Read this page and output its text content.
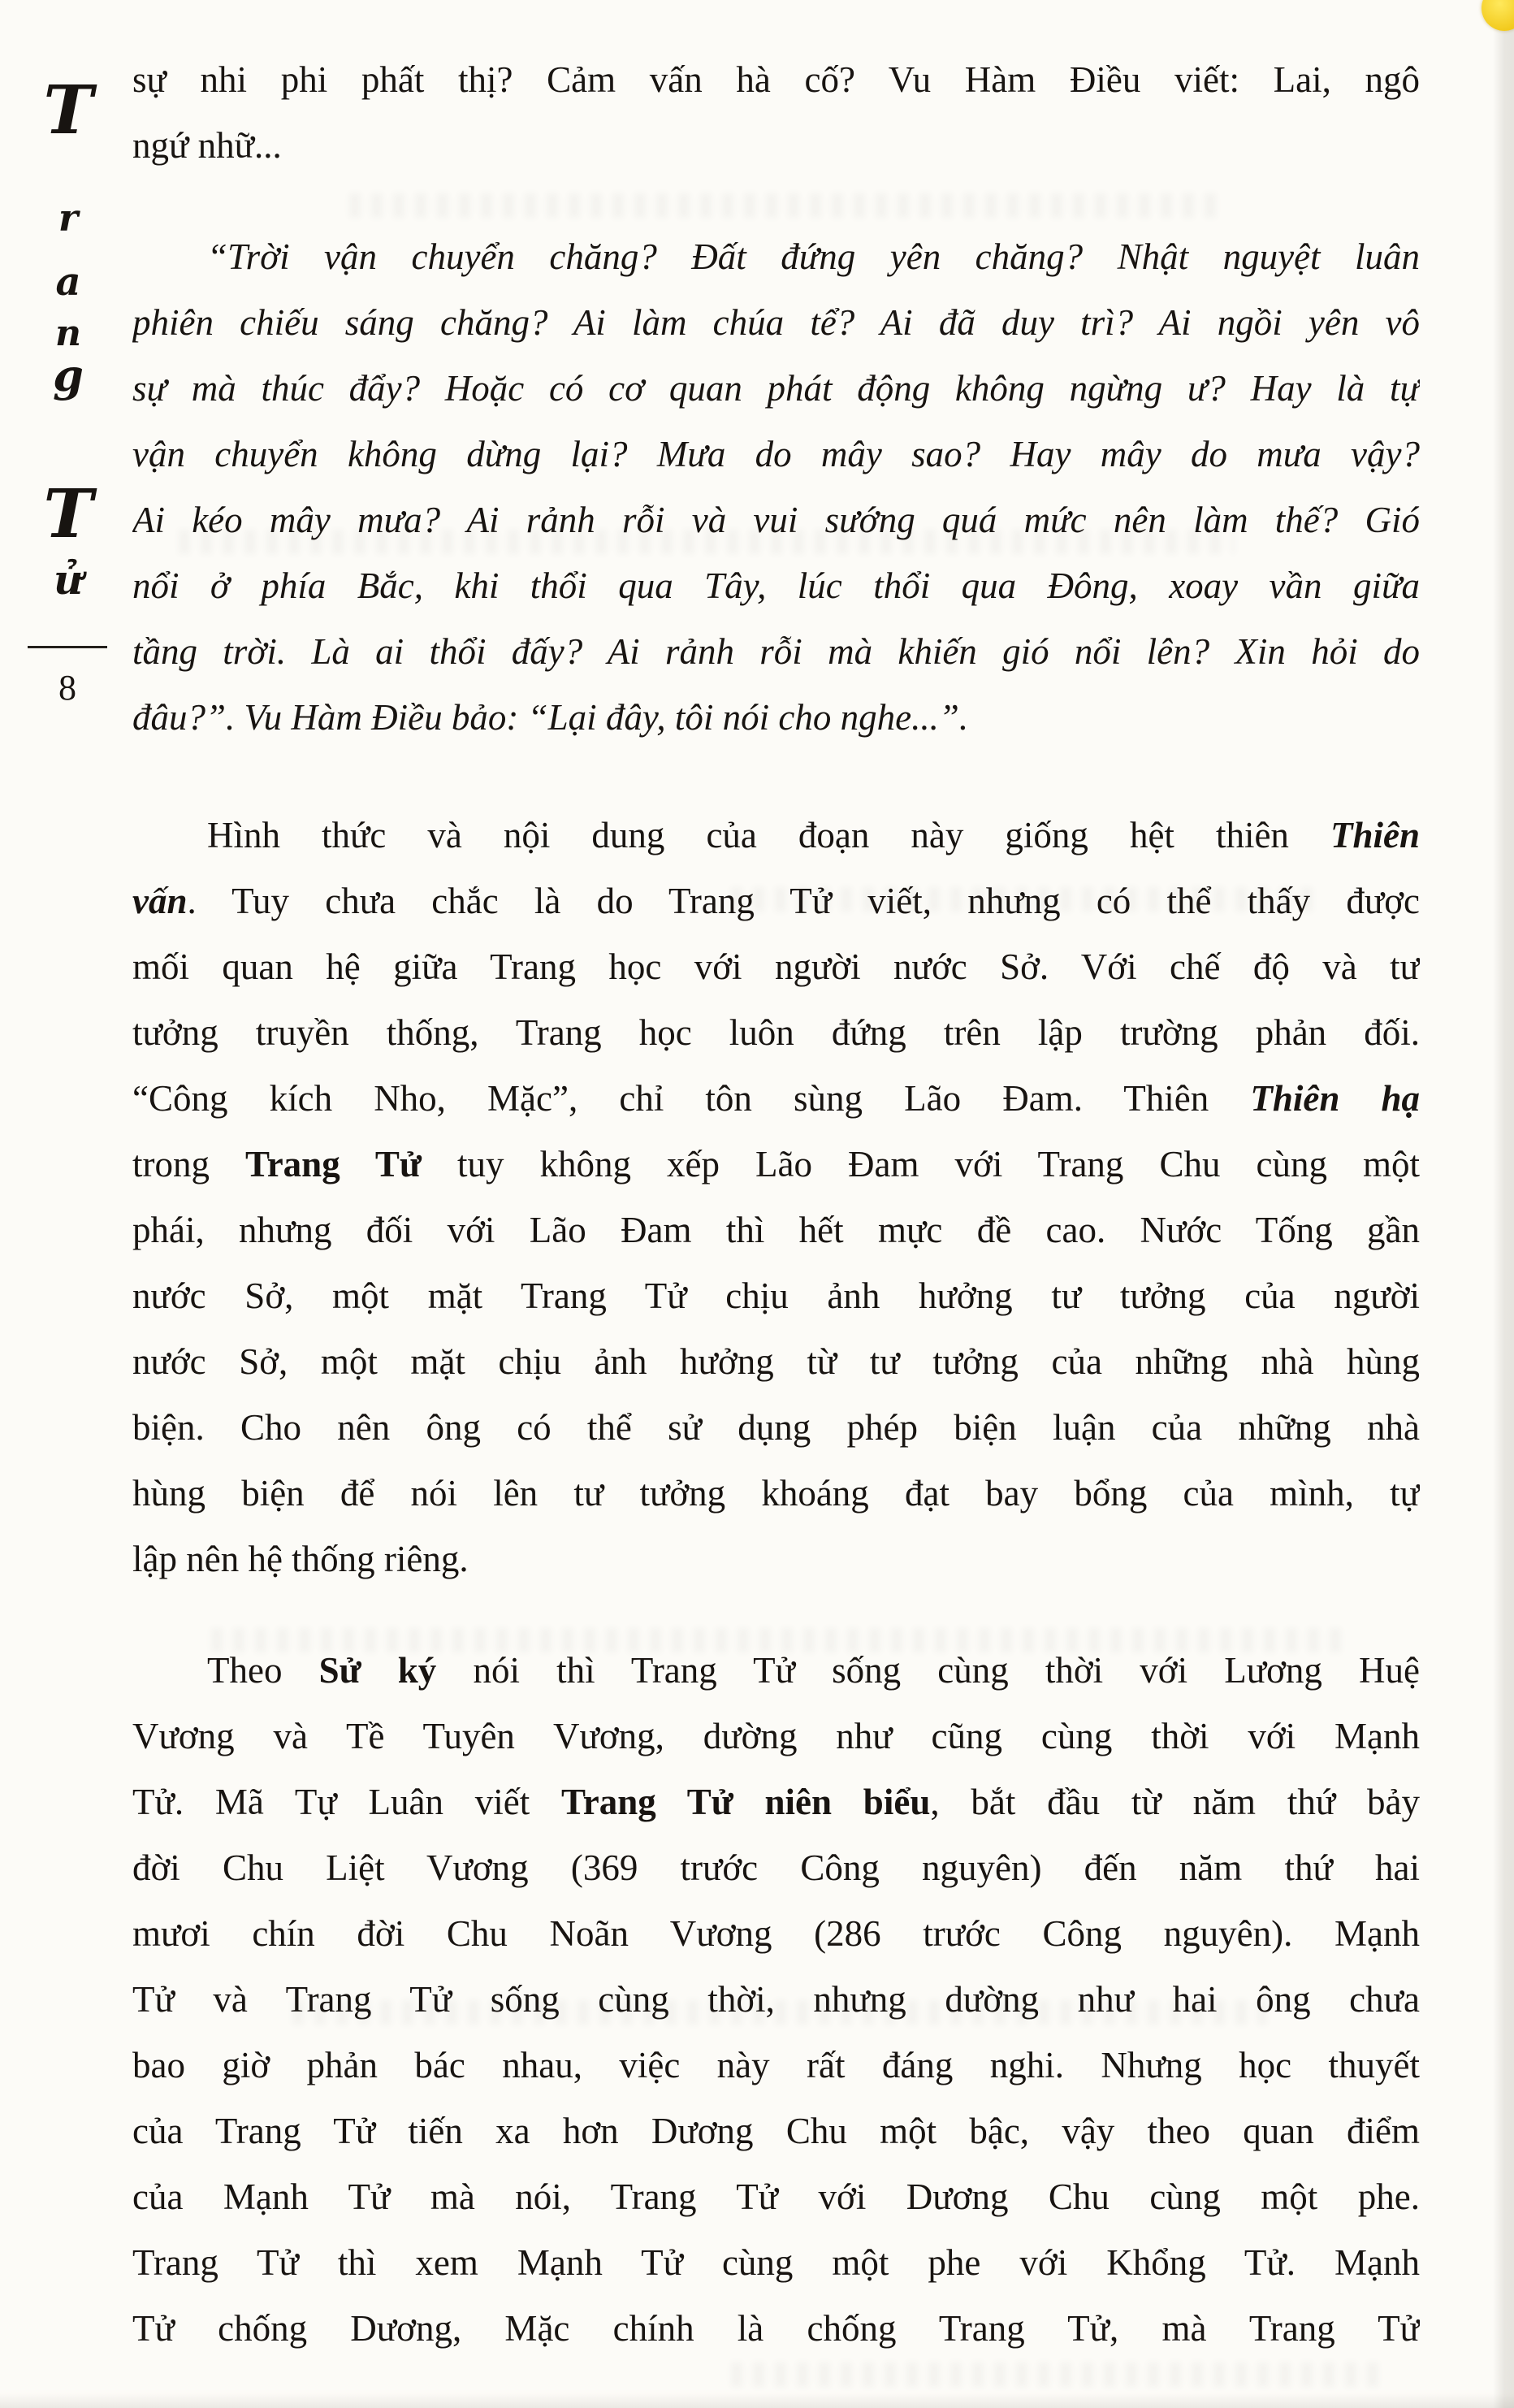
T
r
a
n
g
T
ử
8
sự nhi phi phất thị? Cảm vấn hà cố? Vu Hàm Điều viết: Lai, ngô
ngứ nhữ...
“Trời vận chuyển chăng? Đất đứng yên chăng? Nhật nguyệt luân
phiên chiếu sáng chăng? Ai làm chúa tể? Ai đã duy trì? Ai ngồi yên vô
sự mà thúc đẩy? Hoặc có cơ quan phát động không ngừng ư? Hay là tự
vận chuyển không dừng lại? Mưa do mây sao? Hay mây do mưa vậy?
Ai kéo mây mưa? Ai rảnh rỗi và vui sướng quá mức nên làm thế? Gió
nổi ở phía Bắc, khi thổi qua Tây, lúc thổi qua Đông, xoay vần giữa
tầng trời. Là ai thổi đấy? Ai rảnh rỗi mà khiến gió nổi lên? Xin hỏi do
đâu?”. Vu Hàm Điều bảo: “Lại đây, tôi nói cho nghe...”.
Hình thức và nội dung của đoạn này giống hệt thiên Thiên
vấn. Tuy chưa chắc là do Trang Tử viết, nhưng có thể thấy được
mối quan hệ giữa Trang học với người nước Sở. Với chế độ và tư
tưởng truyền thống, Trang học luôn đứng trên lập trường phản đối.
“Công kích Nho, Mặc”, chỉ tôn sùng Lão Đam. Thiên Thiên hạ
trong Trang Tử tuy không xếp Lão Đam với Trang Chu cùng một
phái, nhưng đối với Lão Đam thì hết mực đề cao. Nước Tống gần
nước Sở, một mặt Trang Tử chịu ảnh hưởng tư tưởng của người
nước Sở, một mặt chịu ảnh hưởng từ tư tưởng của những nhà hùng
biện. Cho nên ông có thể sử dụng phép biện luận của những nhà
hùng biện để nói lên tư tưởng khoáng đạt bay bổng của mình, tự
lập nên hệ thống riêng.
Theo Sử ký nói thì Trang Tử sống cùng thời với Lương Huệ
Vương và Tề Tuyên Vương, dường như cũng cùng thời với Mạnh
Tử. Mã Tự Luân viết Trang Tử niên biểu, bắt đầu từ năm thứ bảy
đời Chu Liệt Vương (369 trước Công nguyên) đến năm thứ hai
mươi chín đời Chu Noãn Vương (286 trước Công nguyên). Mạnh
Tử và Trang Tử sống cùng thời, nhưng dường như hai ông chưa
bao giờ phản bác nhau, việc này rất đáng nghi. Nhưng học thuyết
của Trang Tử tiến xa hơn Dương Chu một bậc, vậy theo quan điểm
của Mạnh Tử mà nói, Trang Tử với Dương Chu cùng một phe.
Trang Tử thì xem Mạnh Tử cùng một phe với Khổng Tử. Mạnh
Tử chống Dương, Mặc chính là chống Trang Tử, mà Trang Tử
